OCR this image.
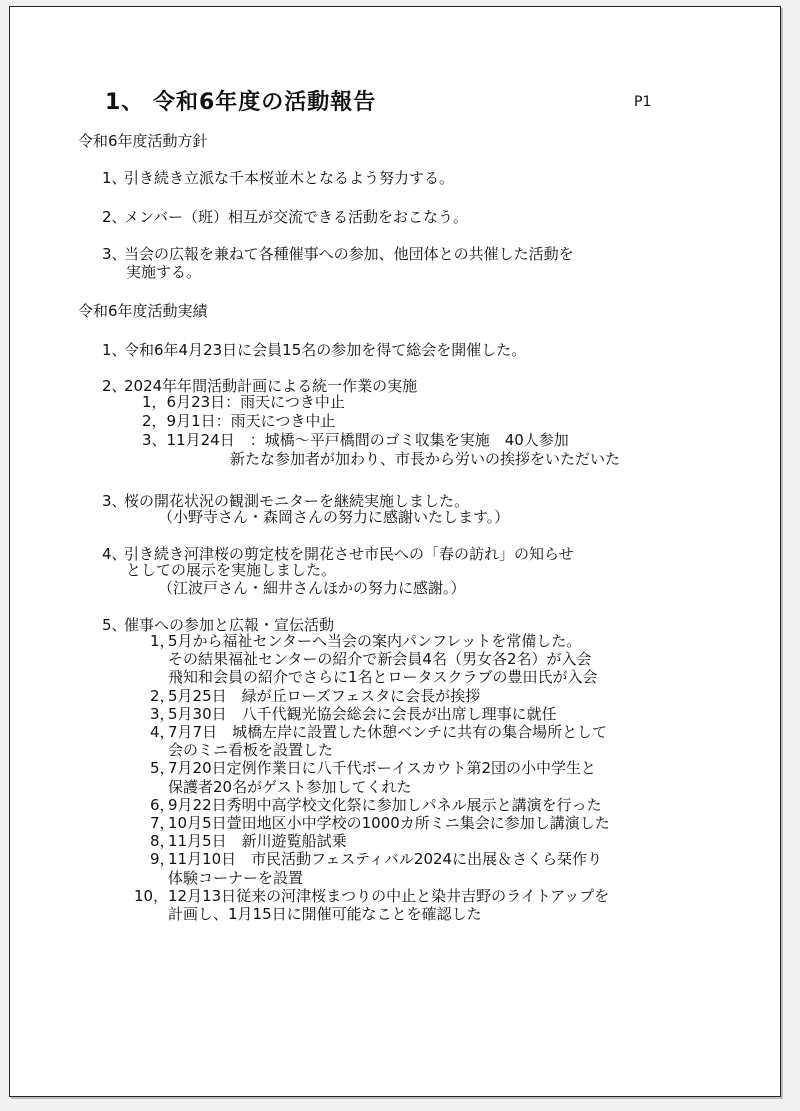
1、 令和6年度の活動報告	P1
令和6年度活動方針
1、引き続き立派な千本桜並木となるよう努力する。
2、メンバー（班）相互が交流できる活動をおこなう。
3、当会の広報を兼ねて各種催事への参加、他団体との共催した活動を
実施する。
令和6年度活動実績
1、令和6年4月23日に会員15名の参加を得て総会を開催した。
2、2024年年間活動計画による統一作業の実施
1，6月23日：雨天につき中止
2，9月1日：雨天につき中止
3、11月24日　：城橋～平戸橋間のゴミ収集を実施　40人参加
新たな参加者が加わり、市長から労いの挨拶をいただいた
3、桜の開花状況の観測モニターを継続実施しました。
（小野寺さん・森岡さんの努力に感謝いたします。）
4、引き続き河津桜の剪定枝を開花させ市民への「春の訪れ」の知らせ
としての展示を実施しました。
（江波戸さん・細井さんほかの努力に感謝。）
5、催事への参加と広報・宣伝活動
1，5月から福祉センターへ当会の案内パンフレットを常備した。
その結果福祉センターの紹介で新会員4名（男女各2名）が入会
飛知和会員の紹介でさらに1名とロータスクラブの豊田氏が入会
2，5月25日　緑が丘ローズフェスタに会長が挨拶
3，5月30日　八千代観光協会総会に会長が出席し理事に就任
4，7月7日　城橋左岸に設置した休憩ベンチに共有の集合場所として
会のミニ看板を設置した
5，7月20日定例作業日に八千代ボーイスカウト第2団の小中学生と
保護者20名がゲスト参加してくれた
6，9月22日秀明中高学校文化祭に参加しパネル展示と講演を行った
7，10月5日萱田地区小中学校の1000カ所ミニ集会に参加し講演した
8，11月5日　新川遊覧船試乗
9，11月10日　市民活動フェスティバル2024に出展＆さくら栞作り
体験コーナーを設置
10，12月13日従来の河津桜まつりの中止と染井吉野のライトアップを
計画し、1月15日に開催可能なことを確認した
